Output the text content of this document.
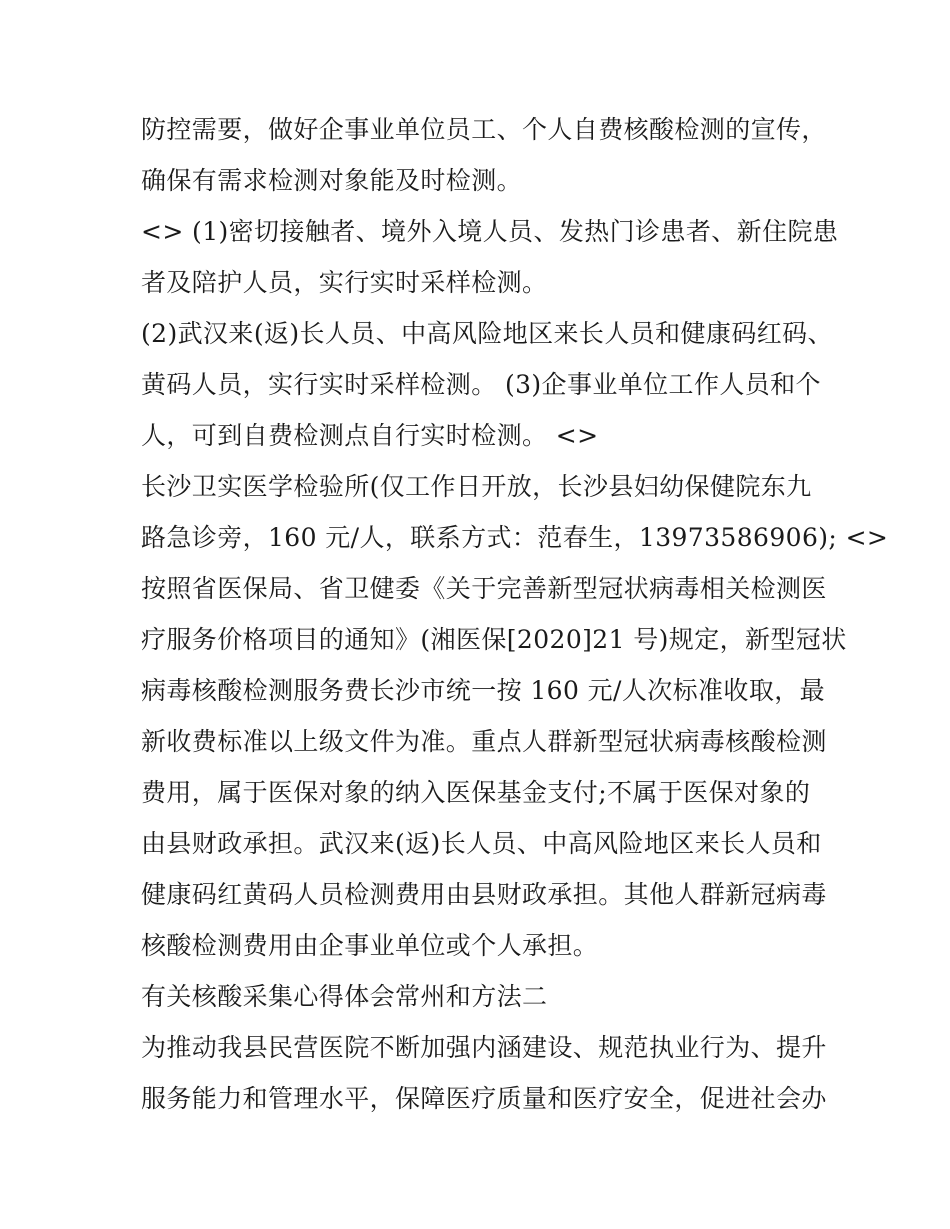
防控需要，做好企事业单位员工、个人自费核酸检测的宣传，
确保有需求检测对象能及时检测。
<> (1)密切接触者、境外入境人员、发热门诊患者、新住院患
者及陪护人员，实行实时采样检测。
(2)武汉来(返)长人员、中高风险地区来长人员和健康码红码、
黄码人员，实行实时采样检测。 (3)企事业单位工作人员和个
人，可到自费检测点自行实时检测。 <>
长沙卫实医学检验所(仅工作日开放，长沙县妇幼保健院东九
路急诊旁，160 元/人，联系方式：范春生，13973586906); <>
按照省医保局、省卫健委《关于完善新型冠状病毒相关检测医
疗服务价格项目的通知》(湘医保[2020]21 号)规定，新型冠状
病毒核酸检测服务费长沙市统一按 160 元/人次标准收取，最
新收费标准以上级文件为准。重点人群新型冠状病毒核酸检测
费用，属于医保对象的纳入医保基金支付;不属于医保对象的
由县财政承担。武汉来(返)长人员、中高风险地区来长人员和
健康码红黄码人员检测费用由县财政承担。其他人群新冠病毒
核酸检测费用由企事业单位或个人承担。
有关核酸采集心得体会常州和方法二
为推动我县民营医院不断加强内涵建设、规范执业行为、提升
服务能力和管理水平，保障医疗质量和医疗安全，促进社会办
